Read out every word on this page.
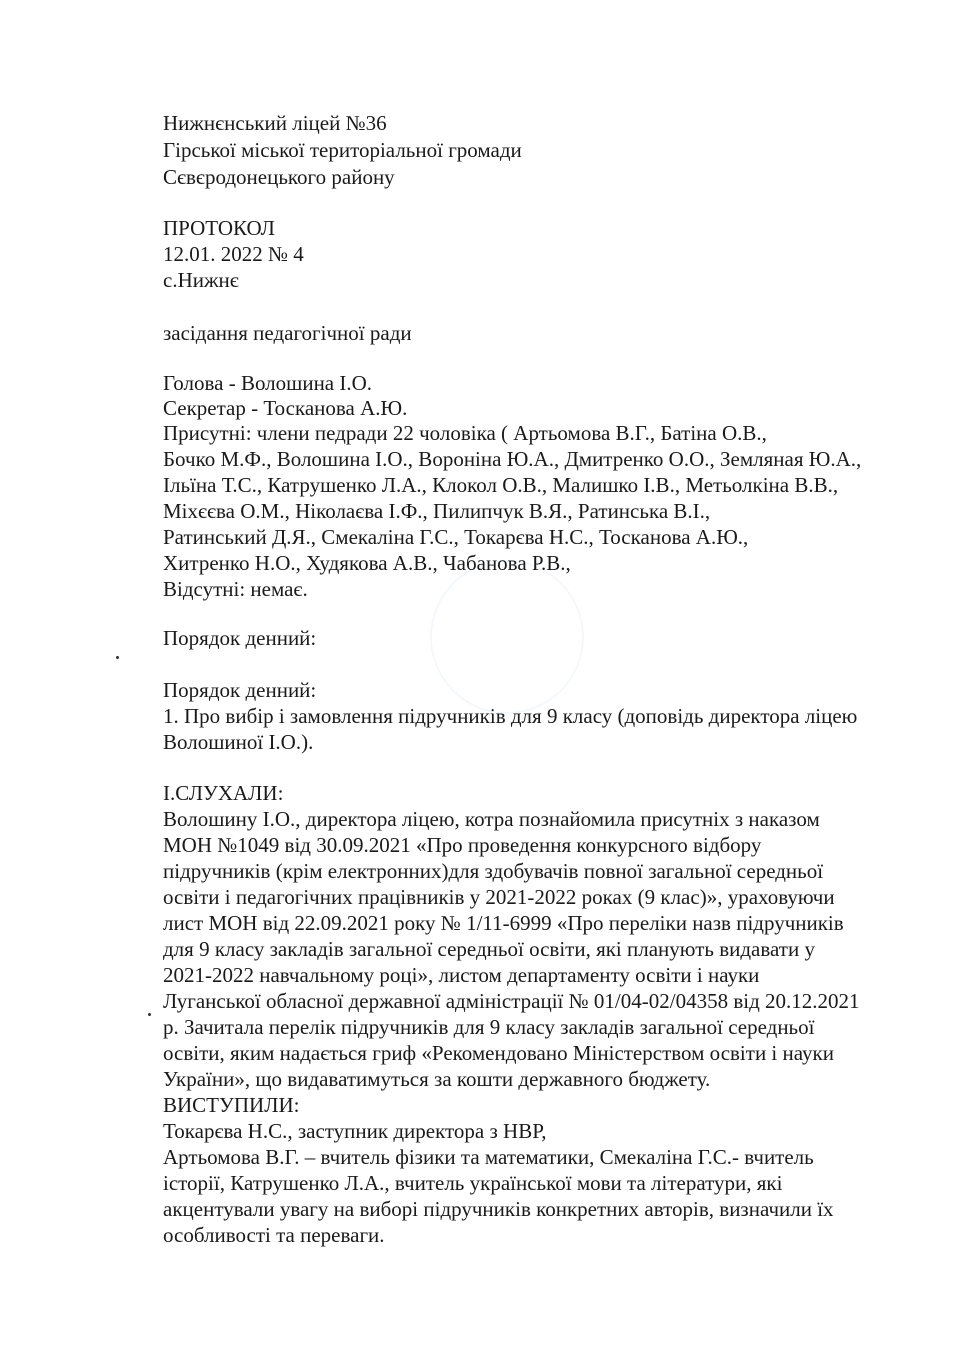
Нижнєнський ліцей №36
Гірської міської територіальної громади
Сєвєродонецького району
ПРОТОКОЛ
12.01. 2022 № 4
с.Нижнє
засідання педагогічної ради
Голова - Волошина І.О.
Секретар - Тосканова А.Ю.
Присутні: члени педради 22 чоловіка ( Артьомова В.Г., Батіна О.В.,
Бочко М.Ф., Волошина І.О., Вороніна Ю.А., Дмитренко О.О., Земляная Ю.А.,
Ільїна Т.С., Катрушенко Л.А., Клокол О.В., Малишко І.В., Метьолкіна В.В.,
Міхєєва О.М., Ніколаєва І.Ф., Пилипчук В.Я., Ратинська В.І.,
Ратинський Д.Я., Смекаліна Г.С., Токарєва Н.С., Тосканова А.Ю.,
Хитренко Н.О., Худякова А.В., Чабанова Р.В.,
Відсутні: немає.
Порядок денний:
Порядок денний:
1. Про вибір і замовлення підручників для 9 класу (доповідь директора ліцею
Волошиної І.О.).
І.СЛУХАЛИ:
Волошину І.О., директора ліцею, котра познайомила присутніх з наказом
МОН №1049 від 30.09.2021 «Про проведення конкурсного відбору
підручників (крім електронних)для здобувачів повної загальної середньої
освіти і педагогічних працівників у 2021-2022 роках (9 клас)», ураховуючи
лист МОН від 22.09.2021 року № 1/11-6999 «Про переліки назв підручників
для 9 класу закладів загальної середньої освіти, які планують видавати у
2021-2022 навчальному році», листом департаменту освіти і науки
Луганської обласної державної адміністрації № 01/04-02/04358 від 20.12.2021
р. Зачитала перелік підручників для 9 класу закладів загальної середньої
освіти, яким надається гриф «Рекомендовано Міністерством освіти і науки
України», що видаватимуться за кошти державного бюджету.
ВИСТУПИЛИ:
Токарєва Н.С., заступник директора з НВР,
Артьомова В.Г. – вчитель фізики та математики, Смекаліна Г.С.- вчитель
історії, Катрушенко Л.А., вчитель української мови та літератури, які
акцентували увагу на виборі підручників конкретних авторів, визначили їх
особливості та переваги.
